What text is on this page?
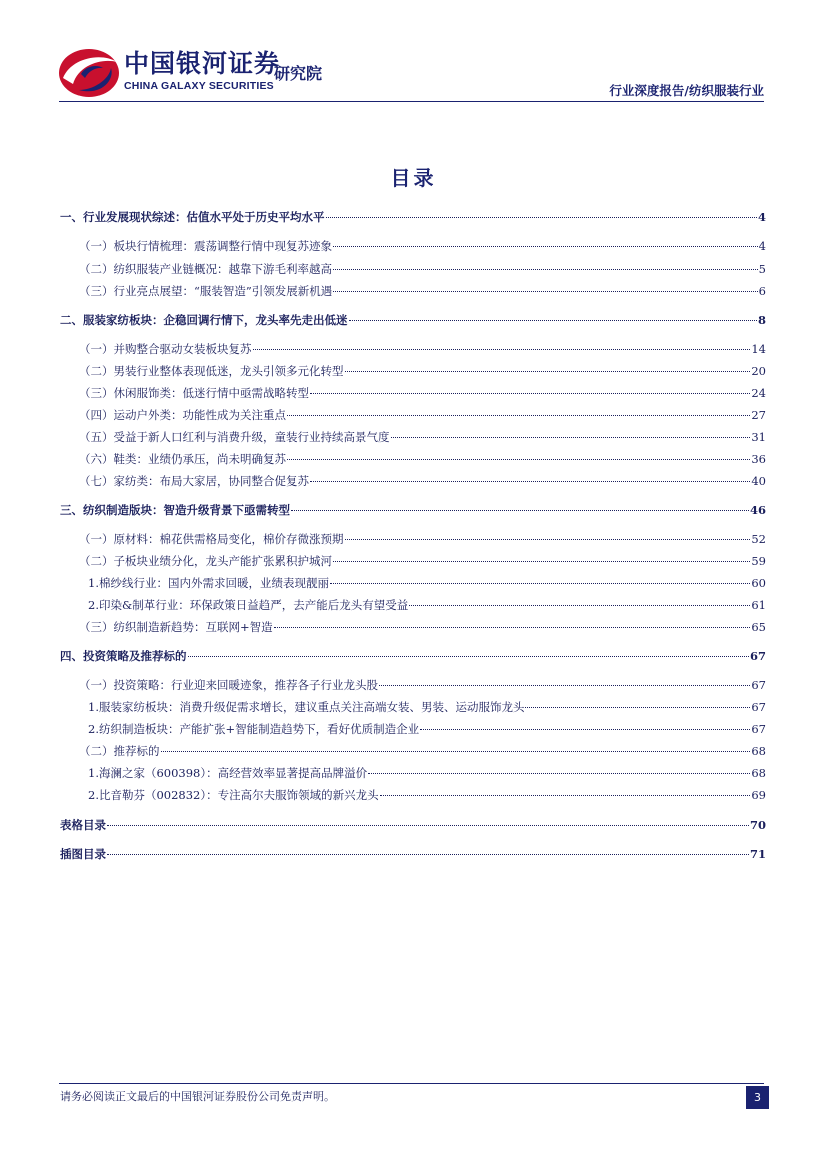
中国银河证券
CHINA GALAXY SECURITIES
研究院
行业深度报告/纺织服装行业
目录
一、行业发展现状综述：估值水平处于历史平均水平	4
（一）板块行情梳理：震荡调整行情中现复苏迹象	4
（二）纺织服装产业链概况：越靠下游毛利率越高	5
（三）行业亮点展望：“服装智造”引领发展新机遇	6
二、服装家纺板块：企稳回调行情下，龙头率先走出低迷	8
（一）并购整合驱动女装板块复苏	14
（二）男装行业整体表现低迷，龙头引领多元化转型	20
（三）休闲服饰类：低迷行情中亟需战略转型	24
（四）运动户外类：功能性成为关注重点	27
（五）受益于新人口红利与消费升级，童装行业持续高景气度	31
（六）鞋类：业绩仍承压，尚未明确复苏	36
（七）家纺类：布局大家居，协同整合促复苏	40
三、纺织制造版块：智造升级背景下亟需转型	46
（一）原材料：棉花供需格局变化，棉价存微涨预期	52
（二）子板块业绩分化，龙头产能扩张累积护城河	59
1.棉纱线行业：国内外需求回暖，业绩表现靓丽	60
2.印染&制革行业：环保政策日益趋严，去产能后龙头有望受益	61
（三）纺织制造新趋势：互联网+智造	65
四、投资策略及推荐标的	67
（一）投资策略：行业迎来回暖迹象，推荐各子行业龙头股	67
1.服装家纺板块：消费升级促需求增长，建议重点关注高端女装、男装、运动服饰龙头	67
2.纺织制造板块：产能扩张+智能制造趋势下，看好优质制造企业	67
（二）推荐标的	68
1.海澜之家（600398）：高经营效率显著提高品牌溢价	68
2.比音勒芬（002832）：专注高尔夫服饰领域的新兴龙头	69
表格目录	70
插图目录	71
请务必阅读正文最后的中国银河证券股份公司免责声明。	3
